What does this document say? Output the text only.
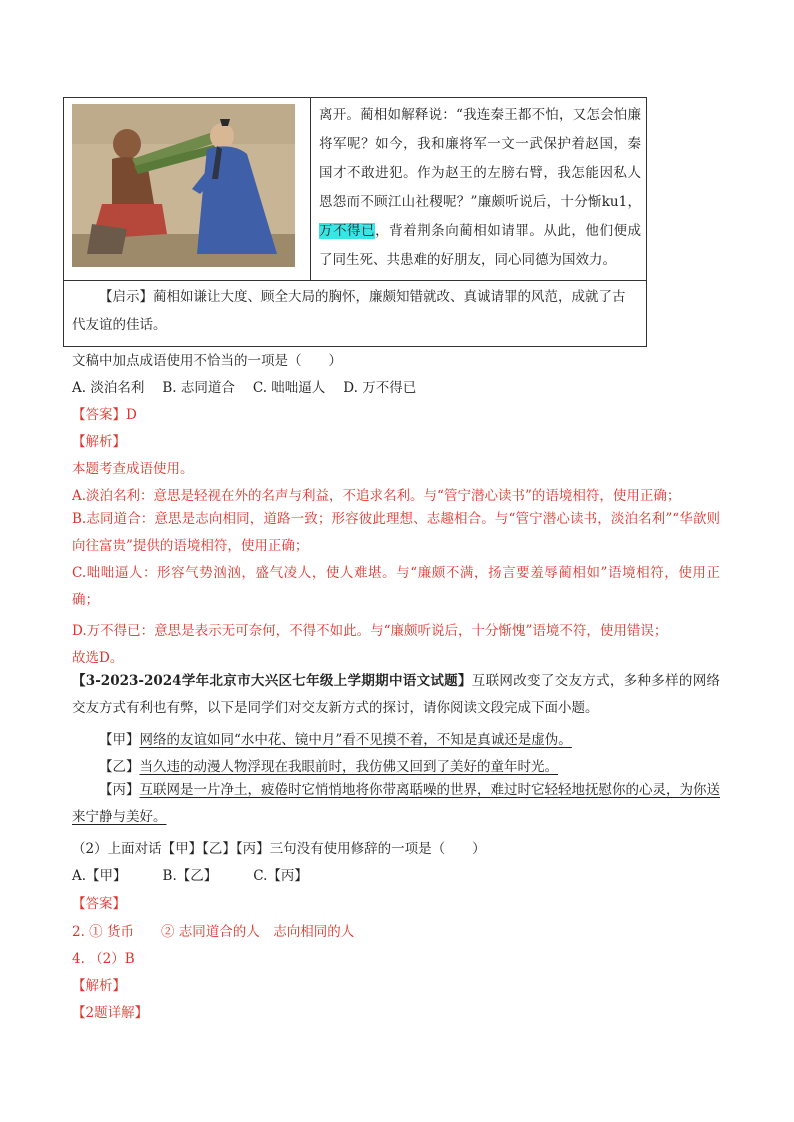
离开。蔺相如解释说：“我连秦王都不怕，又怎会怕廉将军呢？如今，我和廉将军一文一武保护着赵国，秦国才不敢进犯。作为赵王的左膀右臂，我怎能因私人恩怨而不顾江山社稷呢？”廉颇听说后，十分惭ku1，万不得已，背着荆条向蔺相如请罪。从此，他们便成了同生死、共患难的好朋友，同心同德为国效力。
【启示】蔺相如谦让大度、顾全大局的胸怀，廉颇知错就改、真诚请罪的风范，成就了古代友谊的佳话。
文稿中加点成语使用不恰当的一项是（　　）
A. 淡泊名利 B. 志同道合 C. 咄咄逼人 D. 万不得已
【答案】D
【解析】
本题考查成语使用。
A.淡泊名利：意思是轻视在外的名声与利益，不追求名利。与“管宁潜心读书”的语境相符，使用正确；
B.志同道合：意思是志向相同，道路一致；形容彼此理想、志趣相合。与“管宁潜心读书，淡泊名利”“华歆则向往富贵”提供的语境相符，使用正确；
C.咄咄逼人：形容气势汹汹，盛气凌人，使人难堪。与“廉颇不满，扬言要羞辱蔺相如”语境相符，使用正确；
D.万不得已：意思是表示无可奈何，不得不如此。与“廉颇听说后，十分惭愧”语境不符，使用错误；
故选D。
【3-2023-2024学年北京市大兴区七年级上学期期中语文试题】互联网改变了交友方式，多种多样的网络交友方式有利也有弊，以下是同学们对交友新方式的探讨，请你阅读文段完成下面小题。
【甲】网络的友谊如同“水中花、镜中月”看不见摸不着，不知是真诚还是虚伪。
【乙】当久违的动漫人物浮现在我眼前时，我仿佛又回到了美好的童年时光。
【丙】互联网是一片净土，疲倦时它悄悄地将你带离聒噪的世界，难过时它轻轻地抚慰你的心灵，为你送来宁静与美好。
（2）上面对话【甲】【乙】【丙】三句没有使用修辞的一项是（　　）
A.【甲】	B.【乙】	C.【丙】
【答案】
2. ① 货币　　② 志同道合的人　志向相同的人
4. （2）B
【解析】
【2题详解】
